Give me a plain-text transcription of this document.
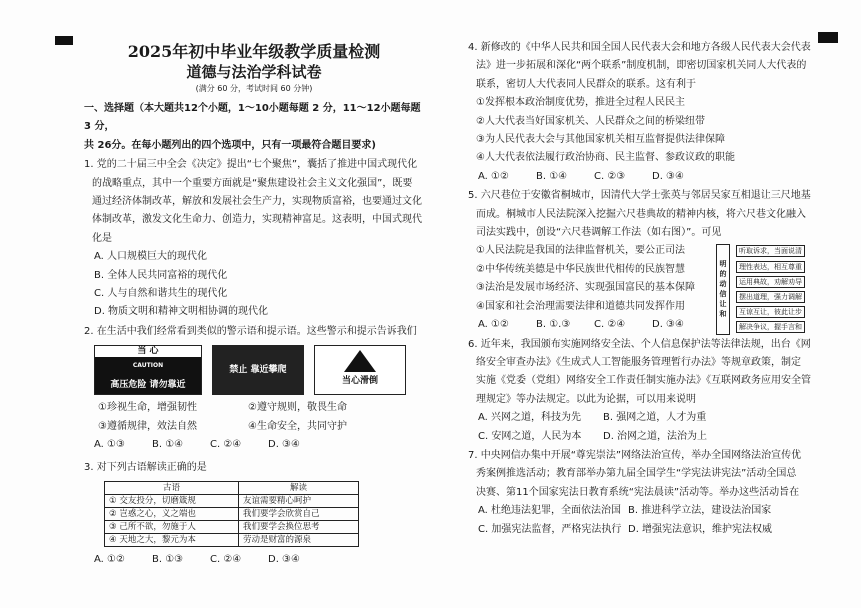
2025年初中毕业年级教学质量检测
道德与法治学科试卷
(满分 60 分，考试时间 60 分钟)
一、选择题（本大题共12个小题，1～10小题每题 2 分，11～12小题每题 3 分，
共 26分。在每小题列出的四个选项中，只有一项最符合题目要求)
1. 党的二十届三中全会《决定》提出“七个聚焦”，囊括了推进中国式现代化
的战略重点，其中一个重要方面就是“聚焦建设社会主义文化强国”，既要
通过经济体制改革，解放和发展社会生产力，实现物质富裕，也要通过文化
体制改革，激发文化生命力、创造力，实现精神富足。这表明，中国式现代
化是
A. 人口规模巨大的现代化
B. 全体人民共同富裕的现代化
C. 人与自然和谐共生的现代化
D. 物质文明和精神文明相协调的现代化
2. 在生活中我们经常看到类似的警示语和提示语。这些警示和提示告诉我们
当 心
CAUTION
高压危险 请勿靠近
禁止 靠近攀爬
当心滑倒
①珍视生命，增强韧性	②遵守规则，敬畏生命
③遵循规律，效法自然	④生命安全，共同守护
A. ①③	B. ①④	C. ②④	D. ③④
3. 对下列古语解读正确的是
古语	解读
① 交友投分，切磨箴规	友谊需要精心呵护
② 岂惑之心，义之端也	我们要学会欣赏自己
③ 己所不欲，勿施于人	我们要学会换位思考
④ 天地之大，黎元为本	劳动是财富的源泉
A. ①②	B. ①③	C. ②④	D. ③④
4. 新修改的《中华人民共和国全国人民代表大会和地方各级人民代表大会代表
法》进一步拓展和深化“两个联系”制度机制，即密切国家机关同人大代表的
联系，密切人大代表同人民群众的联系。这有利于
①发挥根本政治制度优势，推进全过程人民民主
②人大代表当好国家机关、人民群众之间的桥梁纽带
③为人民代表大会与其他国家机关相互监督提供法律保障
④人大代表依法履行政治协商、民主监督、参政议政的职能
A. ①②	B. ①④	C. ②③	D. ③④
5. 六尺巷位于安徽省桐城市，因清代大学士张英与邻居吴家互相退让三尺地基
而成。桐城市人民法院深入挖掘六尺巷典故的精神内核，将六尺巷文化融入
司法实践中，创设“六尺巷调解工作法（如右图）”。可见
①人民法院是我国的法律监督机关，要公正司法
②中华传统美德是中华民族世代相传的民族智慧
③法治是发展市场经济、实现强国富民的基本保障
④国家和社会治理需要法律和道德共同发挥作用
A. ①②	B. ①.③	C. ②④	D. ③④
明 的 动 信 让 和
听取诉求，当面说清
理性表达，相互尊重
运用典故，劝解劝导
摆出道理，强力调解
互谅互让，彼此让步
解决争议，握手言和
6. 近年来，我国颁布实施网络安全法、个人信息保护法等法律法规，出台《网
络安全审查办法》《生成式人工智能服务管理暂行办法》等规章政策，制定
实施《党委（党组）网络安全工作责任制实施办法》《互联网政务应用安全管
理规定》等办法规定。以此为论据，可以用来说明
A. 兴网之道，科技为先	B. 强网之道，人才为重
C. 安网之道，人民为本	D. 治网之道，法治为上
7. 中央网信办集中开展“尊宪崇法”网络法治宣传，举办全国网络法治宣传优
秀案例推选活动；教育部举办第九届全国学生“学宪法讲宪法”活动全国总
决赛、第11个国家宪法日教育系统“宪法晨读”活动等。举办这些活动旨在
A. 杜绝违法犯罪，全面依法治国 B. 推进科学立法，建设法治国家
C. 加强宪法监督，严格宪法执行 D. 增强宪法意识，维护宪法权威
